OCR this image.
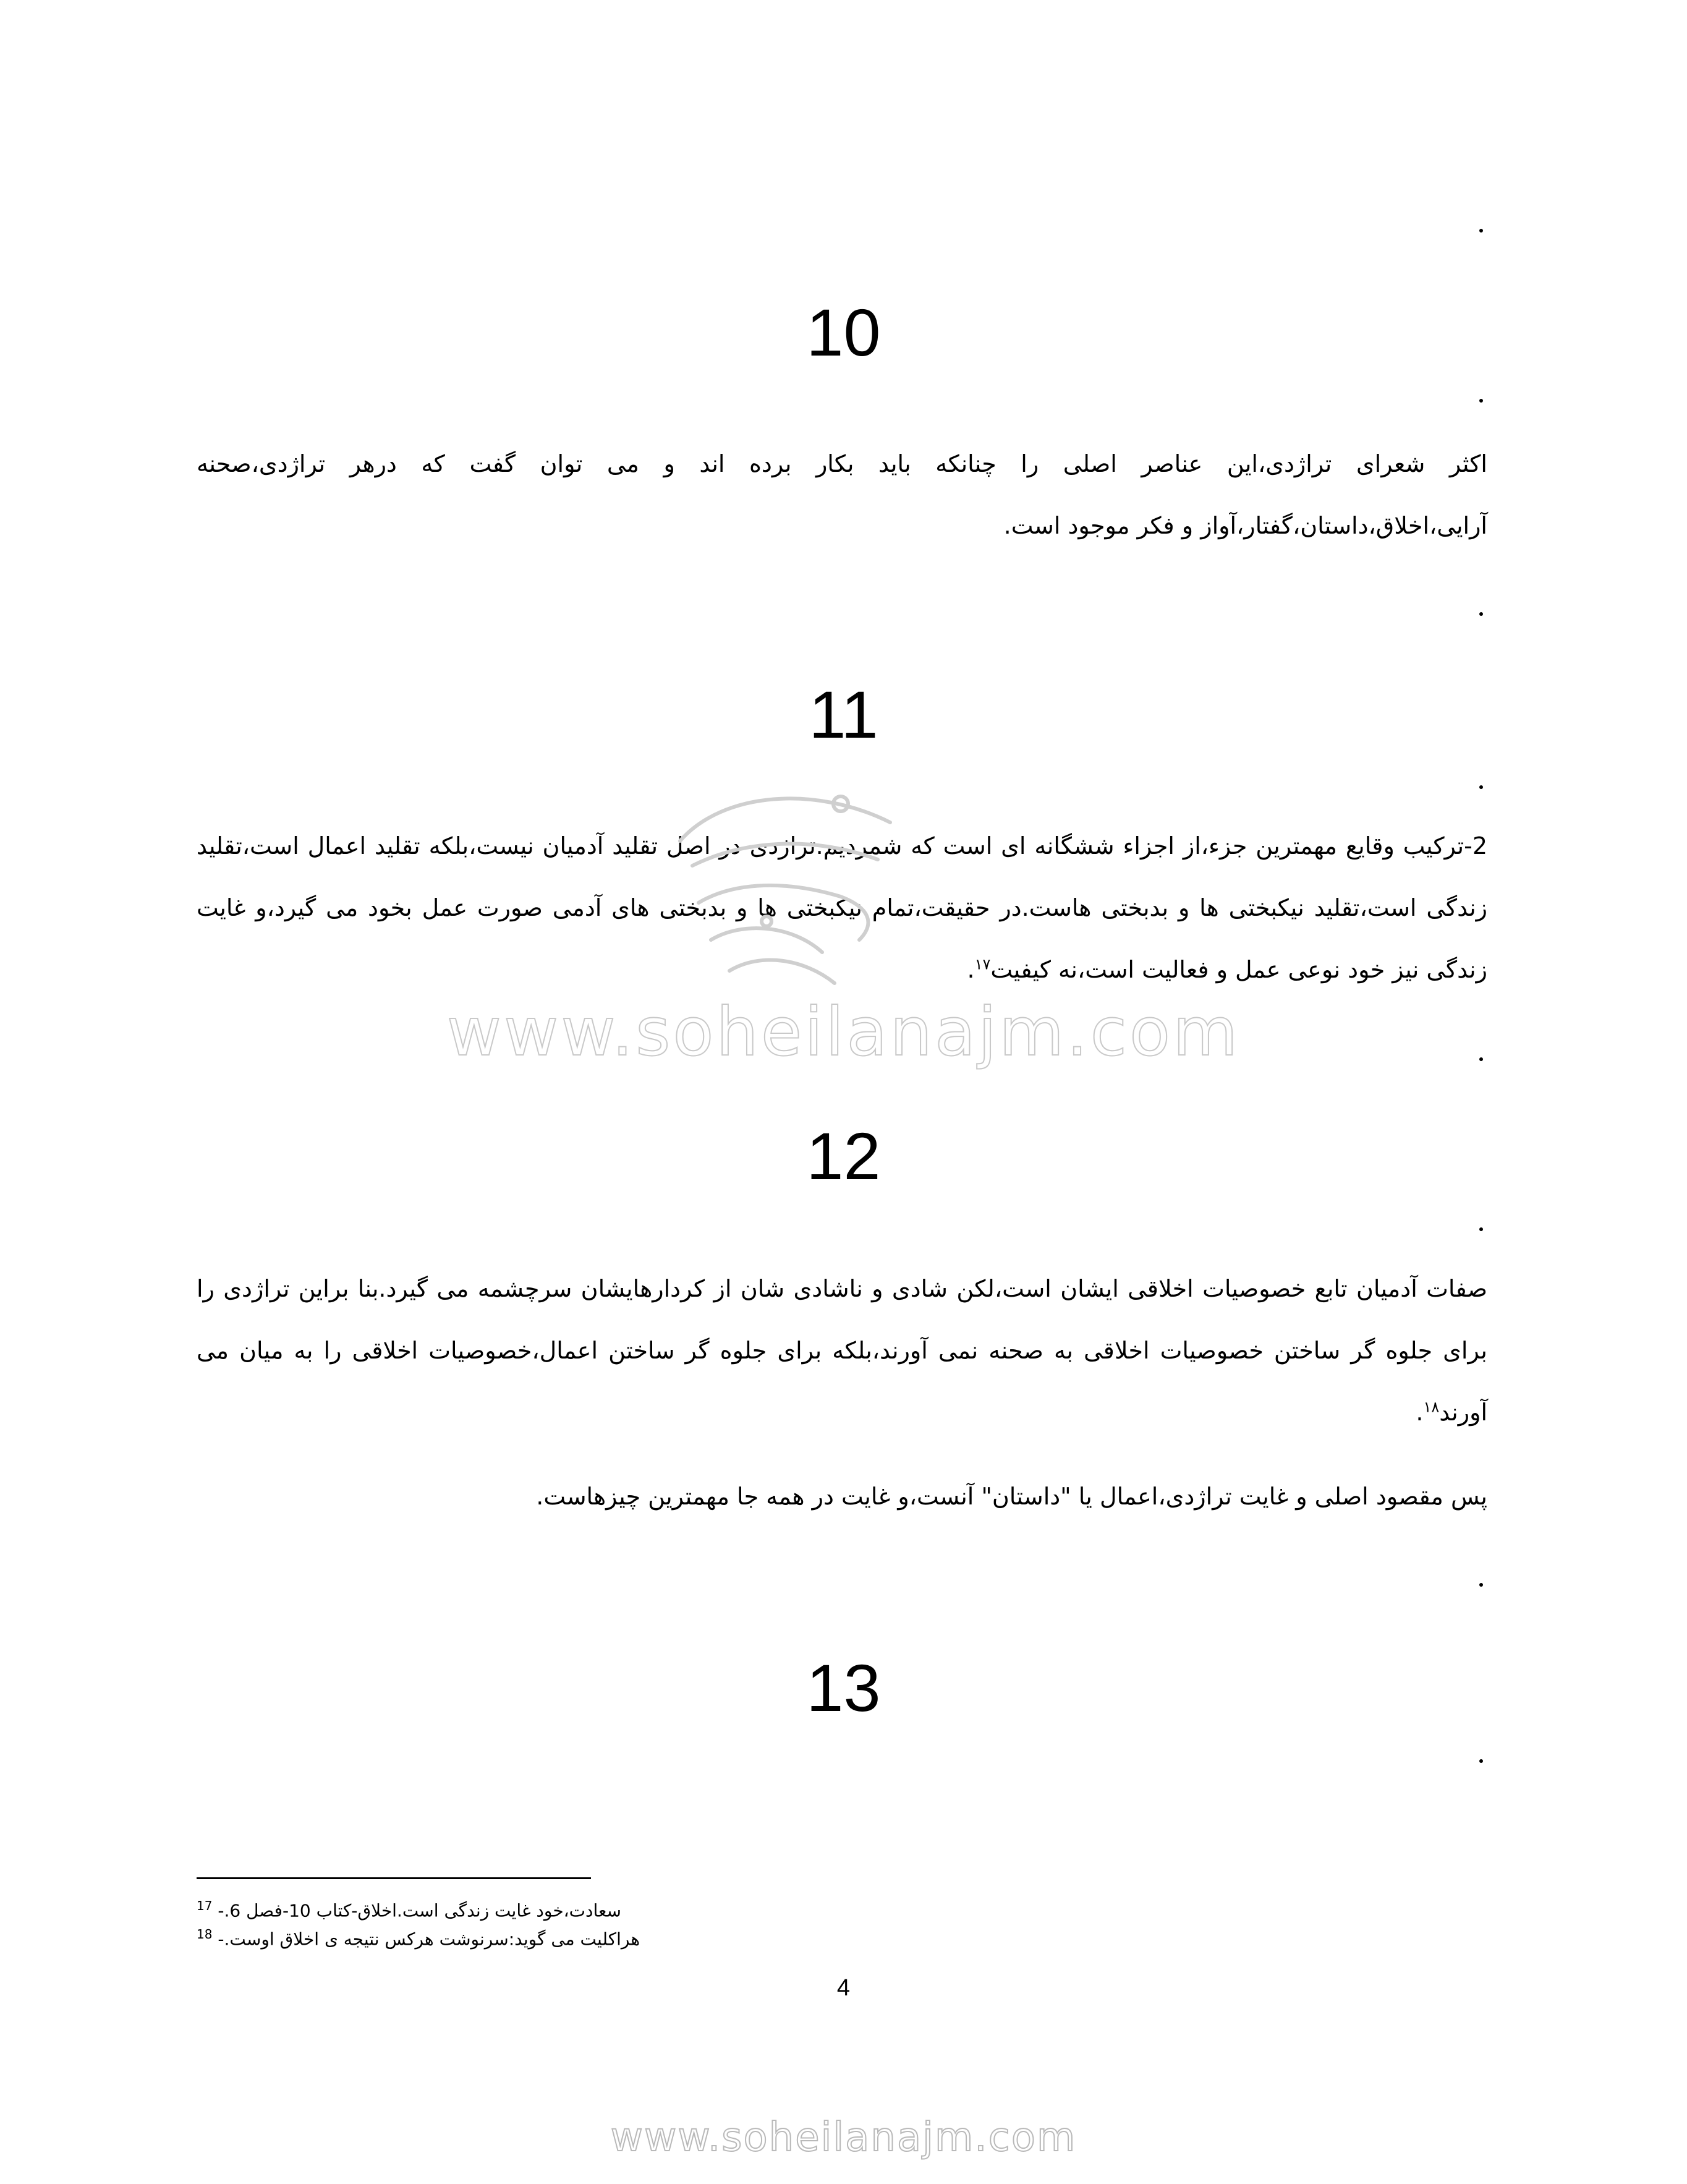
10
اکثر شعرای تراژدی،این عناصر اصلی را چنانکه باید بکار برده اند و می توان گفت که درهر تراژدی،صحنه آرایی،اخلاق،داستان،گفتار،آواز و فکر موجود است.
11
2-ترکیب وقایع مهمترین جزء،از اجزاء ششگانه ای است که شمردیم.تراژدی در اصل تقلید آدمیان نیست،بلکه تقلید اعمال است،تقلید زندگی است،تقلید نیکبختی ها و بدبختی هاست.در حقیقت،تمام نیکبختی ها و بدبختی های آدمی صورت عمل بخود می گیرد،و غایت زندگی نیز خود نوعی عمل و فعالیت است،نه کیفیت$^{۱۷}$.
12
صفات آدمیان تابع خصوصیات اخلاقی ایشان است،لکن شادی و ناشادی شان از کردارهایشان سرچشمه می گیرد.بنا براین تراژدی را برای جلوه گر ساختن خصوصیات اخلاقی به صحنه نمی آورند،بلکه برای جلوه گر ساختن اعمال،خصوصیات اخلاقی را به میان می آورند$^{۱۸}$.
پس مقصود اصلی و غایت تراژدی،اعمال یا "داستان" آنست،و غایت در همه جا مهمترین چیزهاست.
13
سعادت،خود غایت زندگی است.اخلاق-کتاب 10-فصل 6.- $^{17}$
هراکلیت می گوید:سرنوشت هرکس نتیجه ی اخلاق اوست.- $^{18}$
4
www.soheilanajm.com
www.soheilanajm.com
